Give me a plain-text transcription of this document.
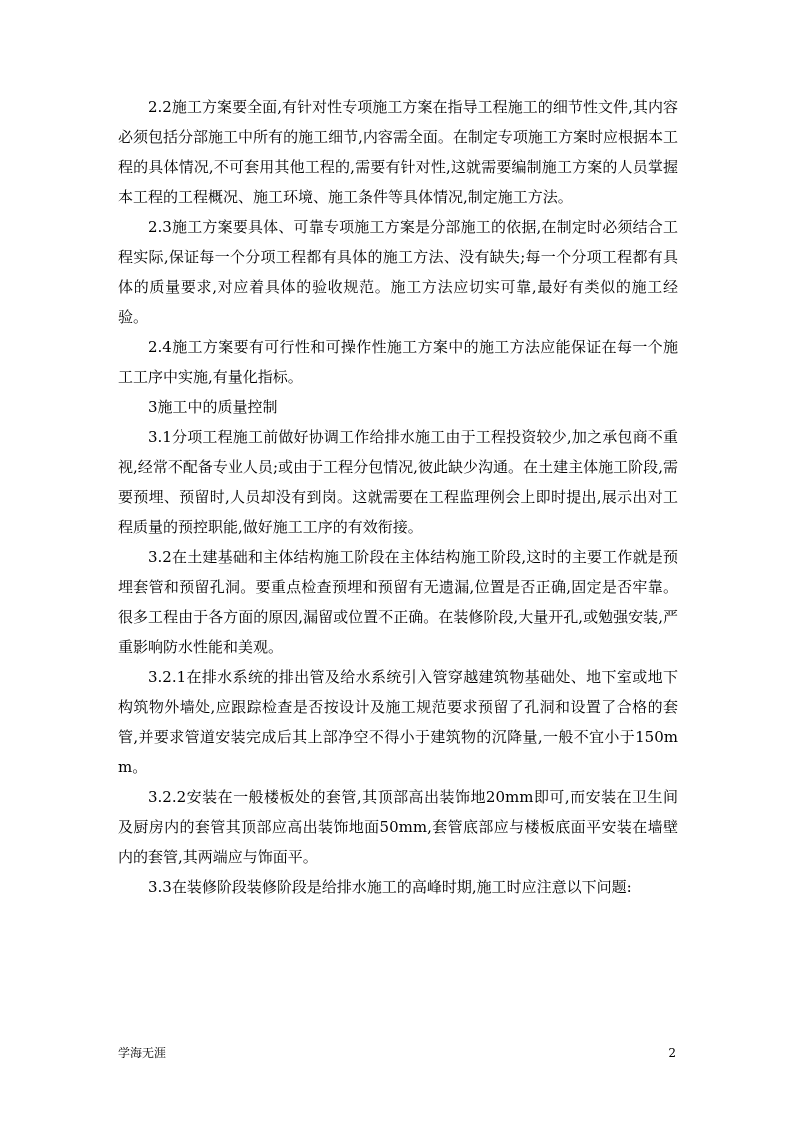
2.2施工方案要全面,有针对性专项施工方案在指导工程施工的细节性文件,其内容必须包括分部施工中所有的施工细节,内容需全面。在制定专项施工方案时应根据本工程的具体情况,不可套用其他工程的,需要有针对性,这就需要编制施工方案的人员掌握本工程的工程概况、施工环境、施工条件等具体情况,制定施工方法。

2.3施工方案要具体、可靠专项施工方案是分部施工的依据,在制定时必须结合工程实际,保证每一个分项工程都有具体的施工方法、没有缺失;每一个分项工程都有具体的质量要求,对应着具体的验收规范。施工方法应切实可靠,最好有类似的施工经验。

2.4施工方案要有可行性和可操作性施工方案中的施工方法应能保证在每一个施工工序中实施,有量化指标。

3施工中的质量控制

3.1分项工程施工前做好协调工作给排水施工由于工程投资较少,加之承包商不重视,经常不配备专业人员;或由于工程分包情况,彼此缺少沟通。在土建主体施工阶段,需要预埋、预留时,人员却没有到岗。这就需要在工程监理例会上即时提出,展示出对工程质量的预控职能,做好施工工序的有效衔接。

3.2在土建基础和主体结构施工阶段在主体结构施工阶段,这时的主要工作就是预埋套管和预留孔洞。要重点检查预埋和预留有无遗漏,位置是否正确,固定是否牢靠。很多工程由于各方面的原因,漏留或位置不正确。在装修阶段,大量开孔,或勉强安装,严重影响防水性能和美观。

3.2.1在排水系统的排出管及给水系统引入管穿越建筑物基础处、地下室或地下构筑物外墙处,应跟踪检查是否按设计及施工规范要求预留了孔洞和设置了合格的套管,并要求管道安装完成后其上部净空不得小于建筑物的沉降量,一般不宜小于150mm。

3.2.2安装在一般楼板处的套管,其顶部高出装饰地20mm即可,而安装在卫生间及厨房内的套管其顶部应高出装饰地面50mm,套管底部应与楼板底面平安装在墙壁内的套管,其两端应与饰面平。

3.3在装修阶段装修阶段是给排水施工的高峰时期,施工时应注意以下问题:

学海无涯	2
